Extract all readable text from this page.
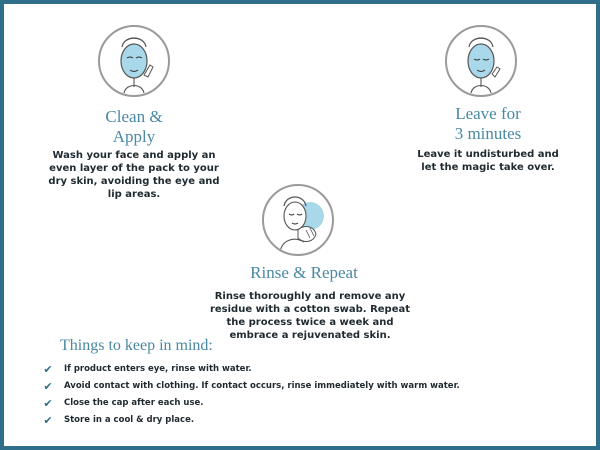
Clean &
Apply
Wash your face and apply an even layer of the pack to your dry skin, avoiding the eye and lip areas.
Leave for
3 minutes
Leave it undisturbed and let the magic take over.
Rinse & Repeat
Rinse thoroughly and remove any residue with a cotton swab. Repeat the process twice a week and embrace a rejuvenated skin.
Things to keep in mind:
✔ If product enters eye, rinse with water.
✔ Avoid contact with clothing. If contact occurs, rinse immediately with warm water.
✔ Close the cap after each use.
✔ Store in a cool & dry place.
